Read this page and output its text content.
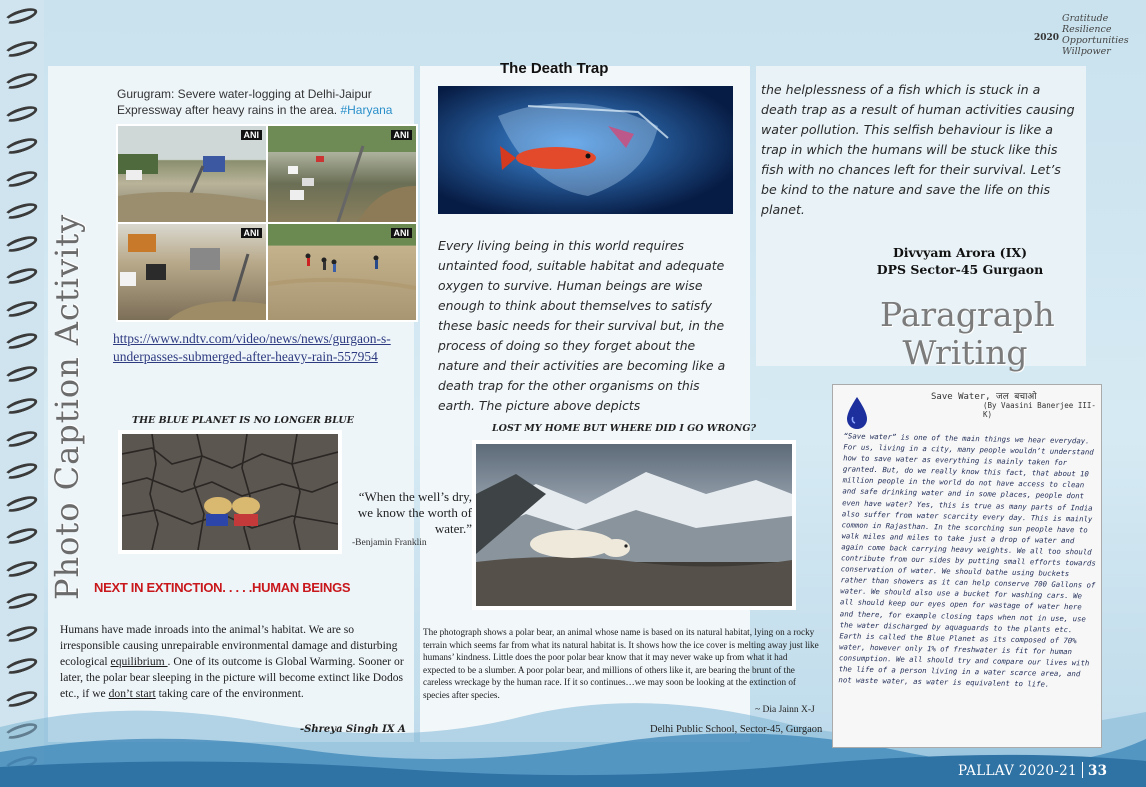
2020
Gratitude
Resilience
Opportunities
Willpower
Photo Caption Activity
Gurugram: Severe water-logging at Delhi-Jaipur Expressway after heavy rains in the area. #Haryana
ANI	ANI
ANI	ANI
https://www.ndtv.com/video/news/news/gurgaon-s-underpasses-submerged-after-heavy-rain-557954
The Death Trap
Every living being in this world requires untainted food, suitable habitat and adequate oxygen to survive. Human beings are wise enough to think about themselves to satisfy these basic needs for their survival but, in the process of doing so they forget about the nature and their activities are becoming like a death trap for the other organisms on this earth. The picture above depicts
the helplessness of a fish which is stuck in a death trap as a result of human activities causing water pollution. This selfish behaviour is like a trap in which the humans will be stuck like this fish with no chances left for their survival. Let’s be kind to the nature and save the life on this planet.
Divvyam Arora (IX)
DPS Sector-45 Gurgaon
Paragraph Writing
THE BLUE PLANET IS NO LONGER BLUE
“When the well’s dry, we know the worth of water.”
-Benjamin Franklin
NEXT IN EXTINCTION. . . . .HUMAN BEINGS
Humans have made inroads into the animal’s habitat. We are so irresponsible causing unrepairable environmental damage and disturbing ecological equilibrium . One of its outcome is Global Warming. Sooner or later, the polar bear sleeping in the picture will become extinct like Dodos etc., if we don’t start taking care of the environment.
-Shreya Singh IX A
LOST MY HOME BUT WHERE DID I GO WRONG?
The photograph shows a polar bear, an animal whose name is based on its natural habitat, lying on a rocky terrain which seems far from what its natural habitat is. It shows how the ice cover is melting away just like humans’ kindness. Little does the poor polar bear know that it may never wake up from what it had expected to be a slumber. A poor polar bear, and millions of others like it, are bearing the brunt of the careless wreckage by the human race. If it so continues…we may soon be looking at the extinction of species after species.
~ Dia Jainn X-J
Delhi Public School, Sector-45, Gurgaon
Save Water, जल बचाओ
(By Vaasini Banerjee III-K)
“Save water” is one of the main things we hear everyday. For us, living in a city, many people wouldn’t understand how to save water as everything is mainly taken for granted. But, do we really know this fact, that about 10 million people in the world do not have access to clean and safe drinking water and in some places, people dont even have water? Yes, this is true as many parts of India also suffer from water scarcity every day. This is mainly common in Rajasthan. In the scorching sun people have to walk miles and miles to take just a drop of water and again come back carrying heavy weights. We all too should contribute from our sides by putting small efforts towards conservation of water. We should bathe using buckets rather than showers as it can help conserve 700 Gallons of water. We should also use a bucket for washing cars. We all should keep our eyes open for wastage of water here and there, for example closing taps when not in use, use the water discharged by aquaguards to the plants etc. Earth is called the Blue Planet as its composed of 70% water, however only 1% of freshwater is fit for human consumption. We all should try and compare our lives with the life of a person living in a water scarce area, and not waste water, as water is equivalent to life.
PALLAV 2020-21 33
